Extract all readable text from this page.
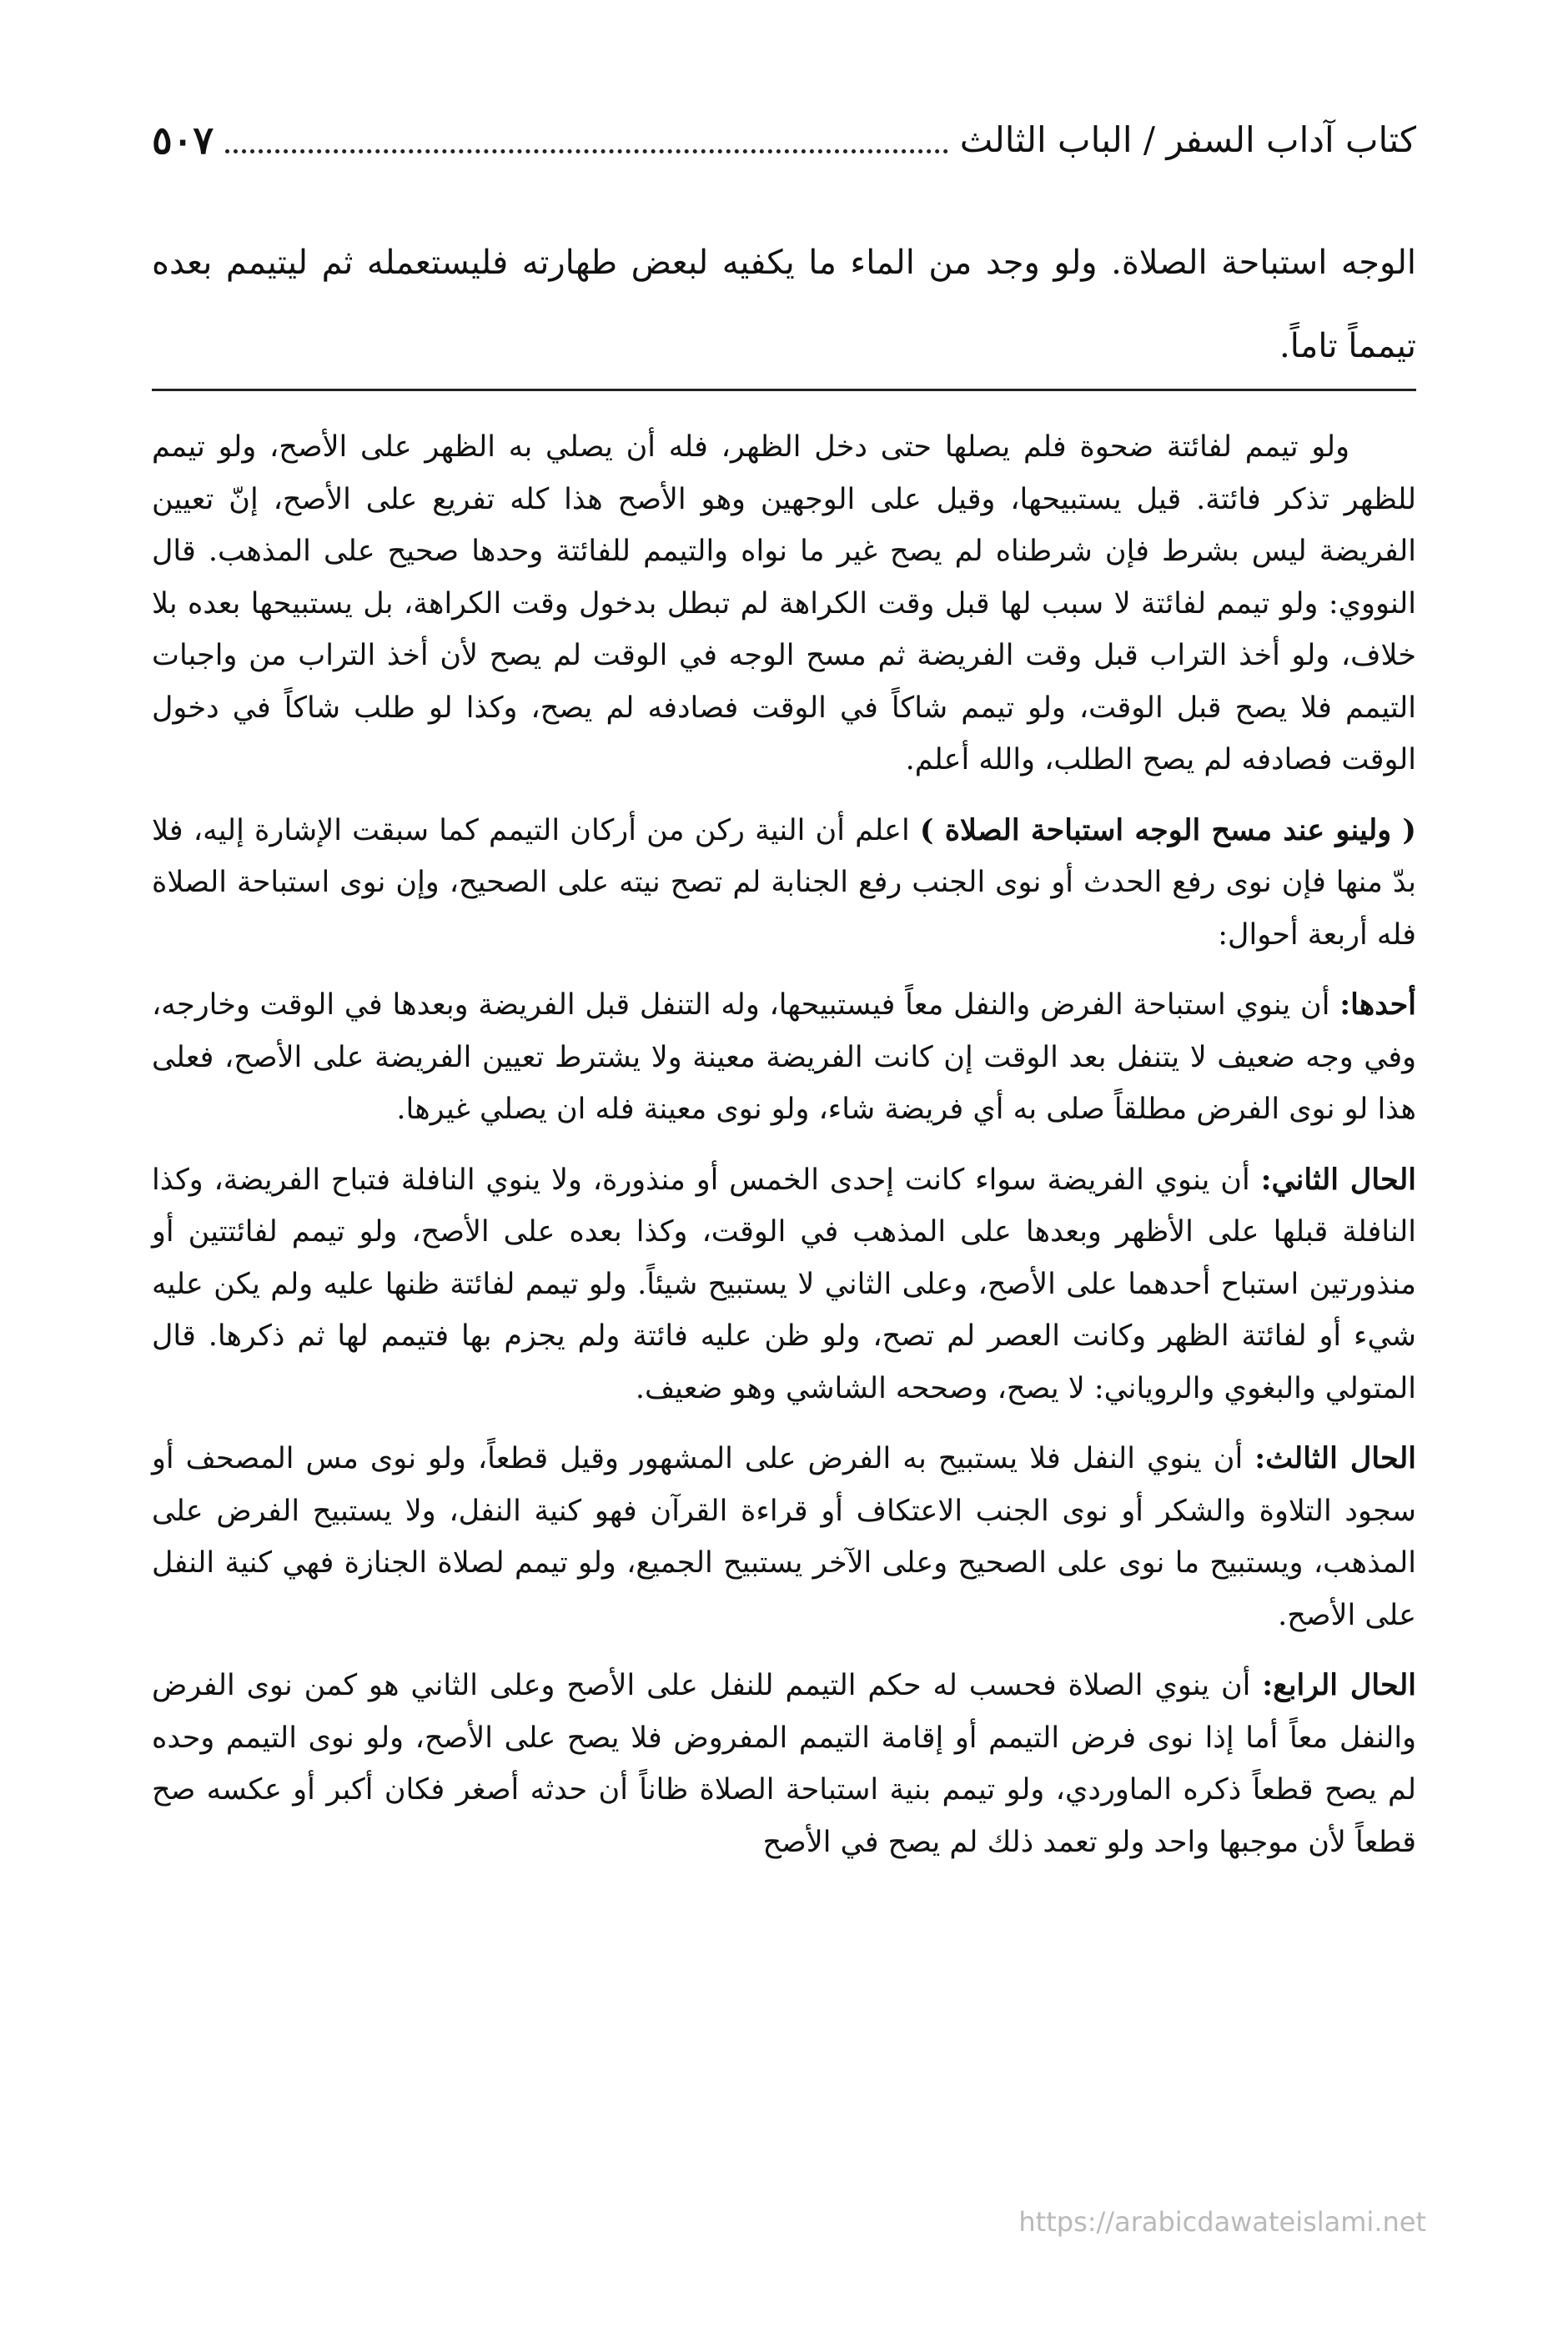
كتاب آداب السفر / الباب الثالث
٥٠٧
الوجه استباحة الصلاة. ولو وجد من الماء ما يكفيه لبعض طهارته فليستعمله ثم ليتيمم بعده تيمماً تاماً.

ولو تيمم لفائتة ضحوة فلم يصلها حتى دخل الظهر، فله أن يصلي به الظهر على الأصح، ولو تيمم للظهر تذكر فائتة. قيل يستبيحها، وقيل على الوجهين وهو الأصح هذا كله تفريع على الأصح، إنّ تعيين الفريضة ليس بشرط فإن شرطناه لم يصح غير ما نواه والتيمم للفائتة وحدها صحيح على المذهب. قال النووي: ولو تيمم لفائتة لا سبب لها قبل وقت الكراهة لم تبطل بدخول وقت الكراهة، بل يستبيحها بعده بلا خلاف، ولو أخذ التراب قبل وقت الفريضة ثم مسح الوجه في الوقت لم يصح لأن أخذ التراب من واجبات التيمم فلا يصح قبل الوقت، ولو تيمم شاكاً في الوقت فصادفه لم يصح، وكذا لو طلب شاكاً في دخول الوقت فصادفه لم يصح الطلب، والله أعلم.

( ولينو عند مسح الوجه استباحة الصلاة ) اعلم أن النية ركن من أركان التيمم كما سبقت الإشارة إليه، فلا بدّ منها فإن نوى رفع الحدث أو نوى الجنب رفع الجنابة لم تصح نيته على الصحيح، وإن نوى استباحة الصلاة فله أربعة أحوال:

أحدها: أن ينوي استباحة الفرض والنفل معاً فيستبيحها، وله التنفل قبل الفريضة وبعدها في الوقت وخارجه، وفي وجه ضعيف لا يتنفل بعد الوقت إن كانت الفريضة معينة ولا يشترط تعيين الفريضة على الأصح، فعلى هذا لو نوى الفرض مطلقاً صلى به أي فريضة شاء، ولو نوى معينة فله ان يصلي غيرها.

الحال الثاني: أن ينوي الفريضة سواء كانت إحدى الخمس أو منذورة، ولا ينوي النافلة فتباح الفريضة، وكذا النافلة قبلها على الأظهر وبعدها على المذهب في الوقت، وكذا بعده على الأصح، ولو تيمم لفائتتين أو منذورتين استباح أحدهما على الأصح، وعلى الثاني لا يستبيح شيئاً. ولو تيمم لفائتة ظنها عليه ولم يكن عليه شيء أو لفائتة الظهر وكانت العصر لم تصح، ولو ظن عليه فائتة ولم يجزم بها فتيمم لها ثم ذكرها. قال المتولي والبغوي والروياني: لا يصح، وصححه الشاشي وهو ضعيف.

الحال الثالث: أن ينوي النفل فلا يستبيح به الفرض على المشهور وقيل قطعاً، ولو نوى مس المصحف أو سجود التلاوة والشكر أو نوى الجنب الاعتكاف أو قراءة القرآن فهو كنية النفل، ولا يستبيح الفرض على المذهب، ويستبيح ما نوى على الصحيح وعلى الآخر يستبيح الجميع، ولو تيمم لصلاة الجنازة فهي كنية النفل على الأصح.

الحال الرابع: أن ينوي الصلاة فحسب له حكم التيمم للنفل على الأصح وعلى الثاني هو كمن نوى الفرض والنفل معاً أما إذا نوى فرض التيمم أو إقامة التيمم المفروض فلا يصح على الأصح، ولو نوى التيمم وحده لم يصح قطعاً ذكره الماوردي، ولو تيمم بنية استباحة الصلاة ظاناً أن حدثه أصغر فكان أكبر أو عكسه صح قطعاً لأن موجبها واحد ولو تعمد ذلك لم يصح في الأصح

https://arabicdawateislami.net
